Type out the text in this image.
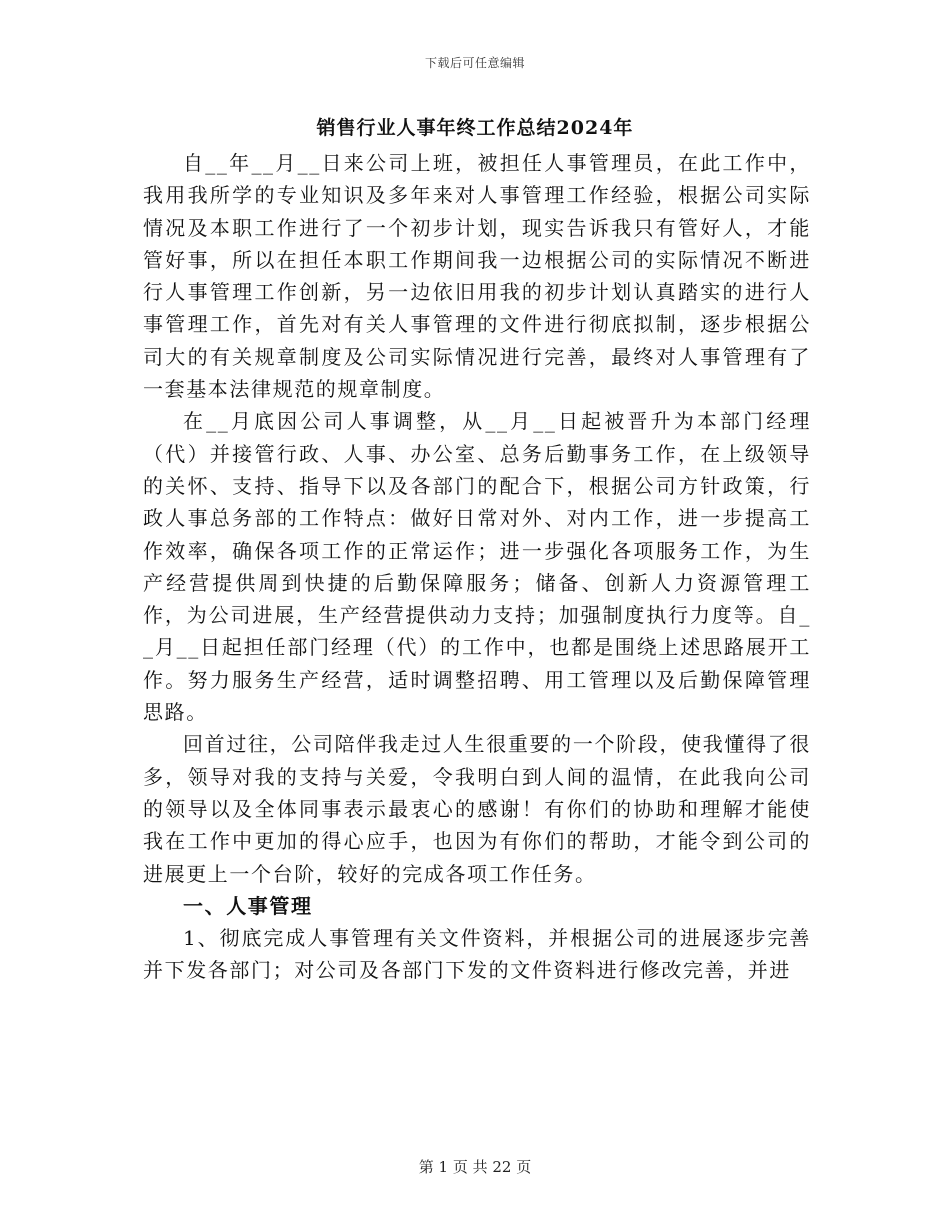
下载后可任意编辑
销售行业人事年终工作总结2024年

自__年__月__日来公司上班，被担任人事管理员，在此工作中，我用我所学的专业知识及多年来对人事管理工作经验，根据公司实际情况及本职工作进行了一个初步计划，现实告诉我只有管好人，才能管好事，所以在担任本职工作期间我一边根据公司的实际情况不断进行人事管理工作创新，另一边依旧用我的初步计划认真踏实的进行人事管理工作，首先对有关人事管理的文件进行彻底拟制，逐步根据公司大的有关规章制度及公司实际情况进行完善，最终对人事管理有了一套基本法律规范的规章制度。

在__月底因公司人事调整，从__月__日起被晋升为本部门经理（代）并接管行政、人事、办公室、总务后勤事务工作，在上级领导的关怀、支持、指导下以及各部门的配合下，根据公司方针政策，行政人事总务部的工作特点：做好日常对外、对内工作，进一步提高工作效率，确保各项工作的正常运作；进一步强化各项服务工作，为生产经营提供周到快捷的后勤保障服务；储备、创新人力资源管理工作，为公司进展，生产经营提供动力支持；加强制度执行力度等。自__月__日起担任部门经理（代）的工作中，也都是围绕上述思路展开工作。努力服务生产经营，适时调整招聘、用工管理以及后勤保障管理思路。

回首过往，公司陪伴我走过人生很重要的一个阶段，使我懂得了很多，领导对我的支持与关爱，令我明白到人间的温情，在此我向公司的领导以及全体同事表示最衷心的感谢！有你们的协助和理解才能使我在工作中更加的得心应手，也因为有你们的帮助，才能令到公司的进展更上一个台阶，较好的完成各项工作任务。

一、人事管理

1、彻底完成人事管理有关文件资料，并根据公司的进展逐步完善并下发各部门；对公司及各部门下发的文件资料进行修改完善，并进

第 1 页 共 22 页
